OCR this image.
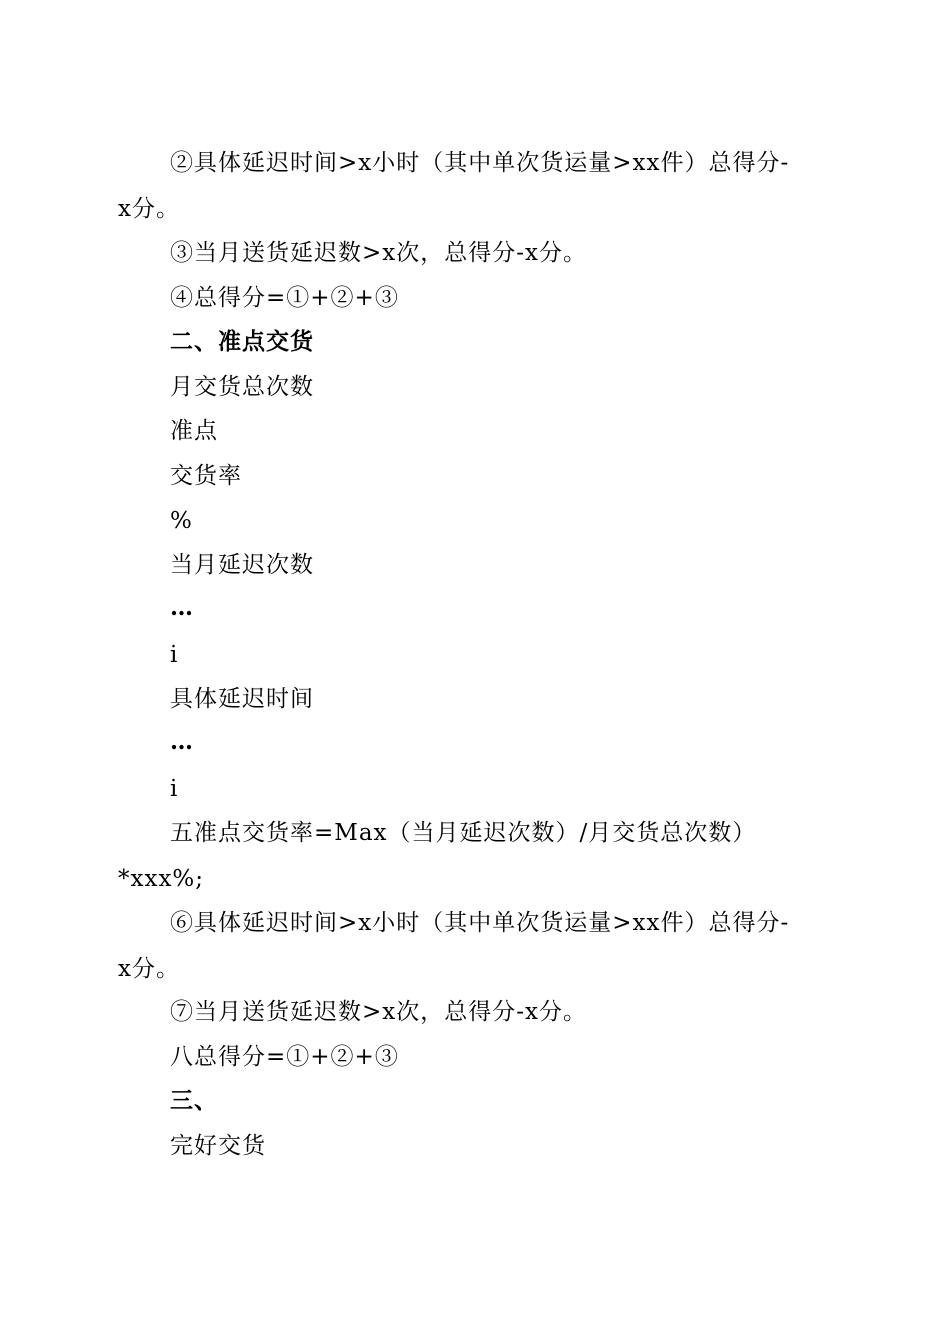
②具体延迟时间>x小时（其中单次货运量>xx件）总得分-
x分。
③当月送货延迟数>x次，总得分-x分。
④总得分=①+②+③
二、准点交货
月交货总次数
准点
交货率
%
当月延迟次数
…
i
具体延迟时间
…
i
五准点交货率=Max（当月延迟次数）/月交货总次数）
*xxx%;
⑥具体延迟时间>x小时（其中单次货运量>xx件）总得分-
x分。
⑦当月送货延迟数>x次，总得分-x分。
八总得分=①+②+③
三、
完好交货
